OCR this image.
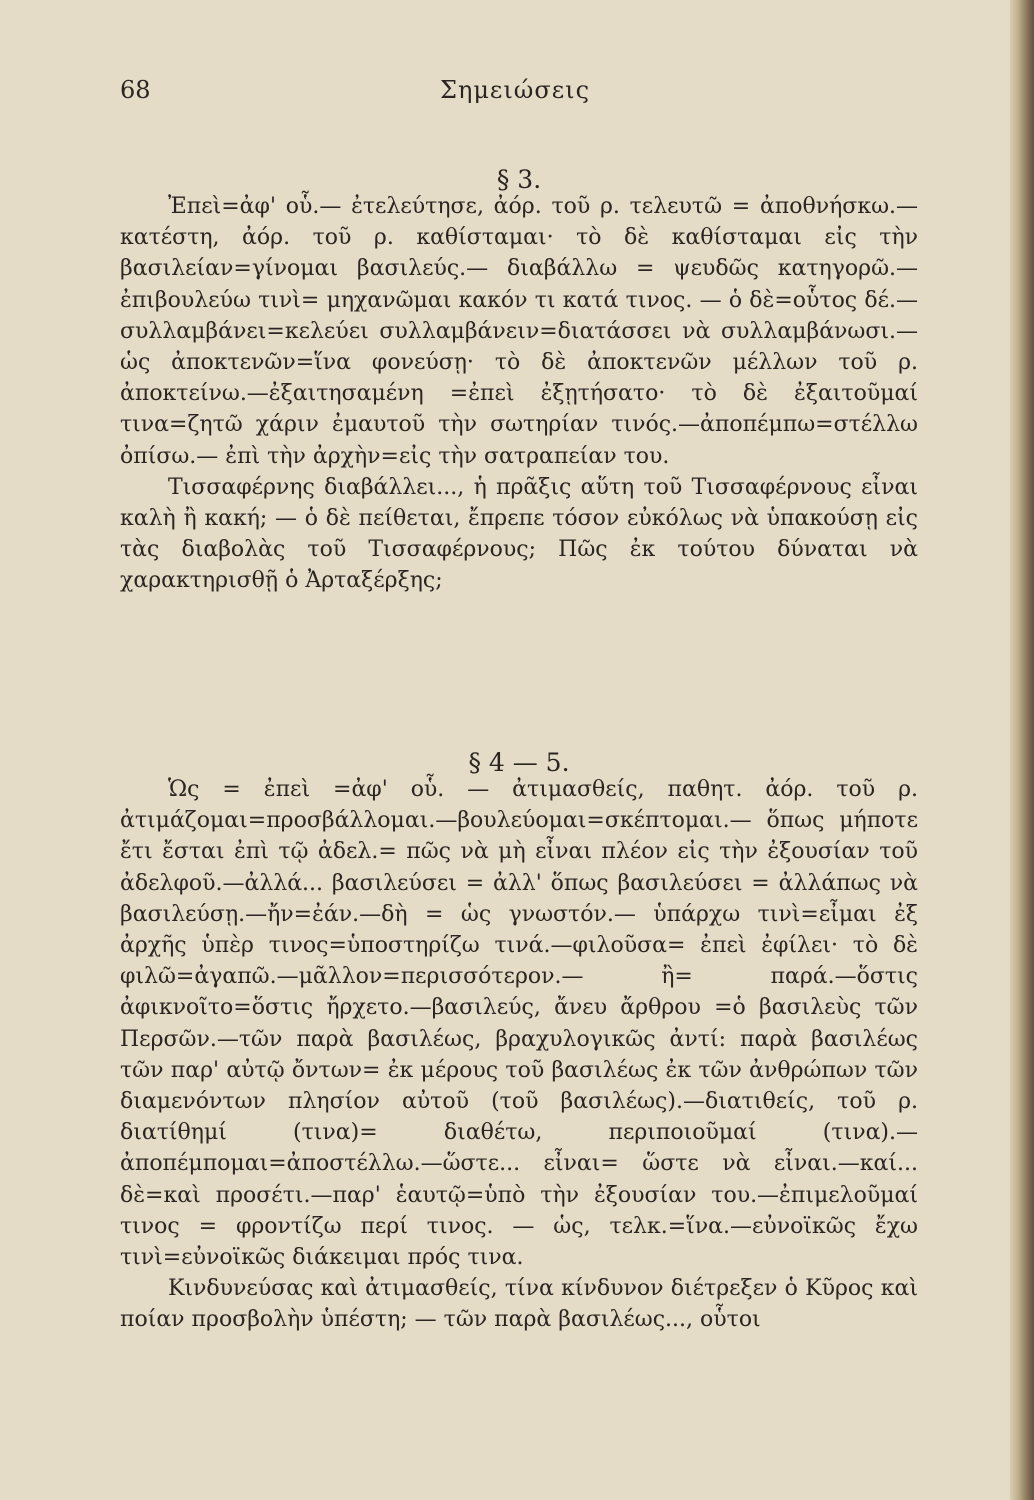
68	Σημειώσεις
§ 3.

Ἐπεὶ=ἀφ' οὗ.— ἐτελεύτησε, ἀόρ. τοῦ ρ. τελευτῶ = ἀποθνήσκω.—κατέστη, ἀόρ. τοῦ ρ. καθίσταμαι· τὸ δὲ καθίσταμαι εἰς τὴν βασιλείαν=γίνομαι βασιλεύς.— διαβάλλω = ψευδῶς κατηγορῶ.—ἐπιβουλεύω τινὶ= μηχανῶμαι κακόν τι κατά τινος. — ὁ δὲ=οὗτος δέ.—συλλαμβάνει=κελεύει συλλαμβάνειν=διατάσσει νὰ συλλαμβάνωσι.—ὡς ἀποκτενῶν=ἵνα φονεύσῃ· τὸ δὲ ἀποκτενῶν μέλλων τοῦ ρ. ἀποκτείνω.—ἐξαιτησαμένη =ἐπεὶ ἐξῃτήσατο· τὸ δὲ ἐξαιτοῦμαί τινα=ζητῶ χάριν ἐμαυτοῦ τὴν σωτηρίαν τινός.—ἀποπέμπω=στέλλω ὀπίσω.— ἐπὶ τὴν ἀρχὴν=εἰς τὴν σατραπείαν του.

Τισσαφέρνης διαβάλλει..., ἡ πρᾶξις αὕτη τοῦ Τισσαφέρνους εἶναι καλὴ ἢ κακή; — ὁ δὲ πείθεται, ἔπρεπε τόσον εὐκόλως νὰ ὑπακούσῃ εἰς τὰς διαβολὰς τοῦ Τισσαφέρνους; Πῶς ἐκ τούτου δύναται νὰ χαρακτηρισθῇ ὁ Ἀρταξέρξης;

§ 4 — 5.

Ὡς = ἐπεὶ =ἀφ' οὗ. — ἀτιμασθείς, παθητ. ἀόρ. τοῦ ρ. ἀτιμάζομαι=προσβάλλομαι.—βουλεύομαι=σκέπτομαι.— ὅπως μήποτε ἔτι ἔσται ἐπὶ τῷ ἀδελ.= πῶς νὰ μὴ εἶναι πλέον εἰς τὴν ἐξουσίαν τοῦ ἀδελφοῦ.—ἀλλά... βασιλεύσει = ἀλλ' ὅπως βασιλεύσει = ἀλλάπως νὰ βασιλεύσῃ.—ἤν=ἐάν.—δὴ = ὡς γνωστόν.— ὑπάρχω τινὶ=εἶμαι ἐξ ἀρχῆς ὑπὲρ τινος=ὑποστηρίζω τινά.—φιλοῦσα= ἐπεὶ ἐφίλει· τὸ δὲ φιλῶ=ἀγαπῶ.—μᾶλλον=περισσότερον.— ἢ= παρά.—ὅστις ἀφικνοῖτο=ὅστις ἤρχετο.—βασιλεύς, ἄνευ ἄρθρου =ὁ βασιλεὺς τῶν Περσῶν.—τῶν παρὰ βασιλέως, βραχυλογικῶς ἀντί: παρὰ βασιλέως τῶν παρ' αὐτῷ ὄντων= ἐκ μέρους τοῦ βασιλέως ἐκ τῶν ἀνθρώπων τῶν διαμενόντων πλησίον αὐτοῦ (τοῦ βασιλέως).—διατιθείς, τοῦ ρ. διατίθημί (τινα)= διαθέτω, περιποιοῦμαί (τινα).—ἀποπέμπομαι=ἀποστέλλω.—ὥστε... εἶναι= ὥστε νὰ εἶναι.—καί... δὲ=καὶ προσέτι.—παρ' ἑαυτῷ=ὑπὸ τὴν ἐξουσίαν του.—ἐπιμελοῦμαί τινος = φροντίζω περί τινος. — ὡς, τελκ.=ἵνα.—εὐνοϊκῶς ἔχω τινὶ=εὐνοϊκῶς διάκειμαι πρός τινα.

Κινδυνεύσας καὶ ἀτιμασθείς, τίνα κίνδυνον διέτρεξεν ὁ Κῦρος καὶ ποίαν προσβολὴν ὑπέστη; — τῶν παρὰ βασιλέως..., οὗτοι
